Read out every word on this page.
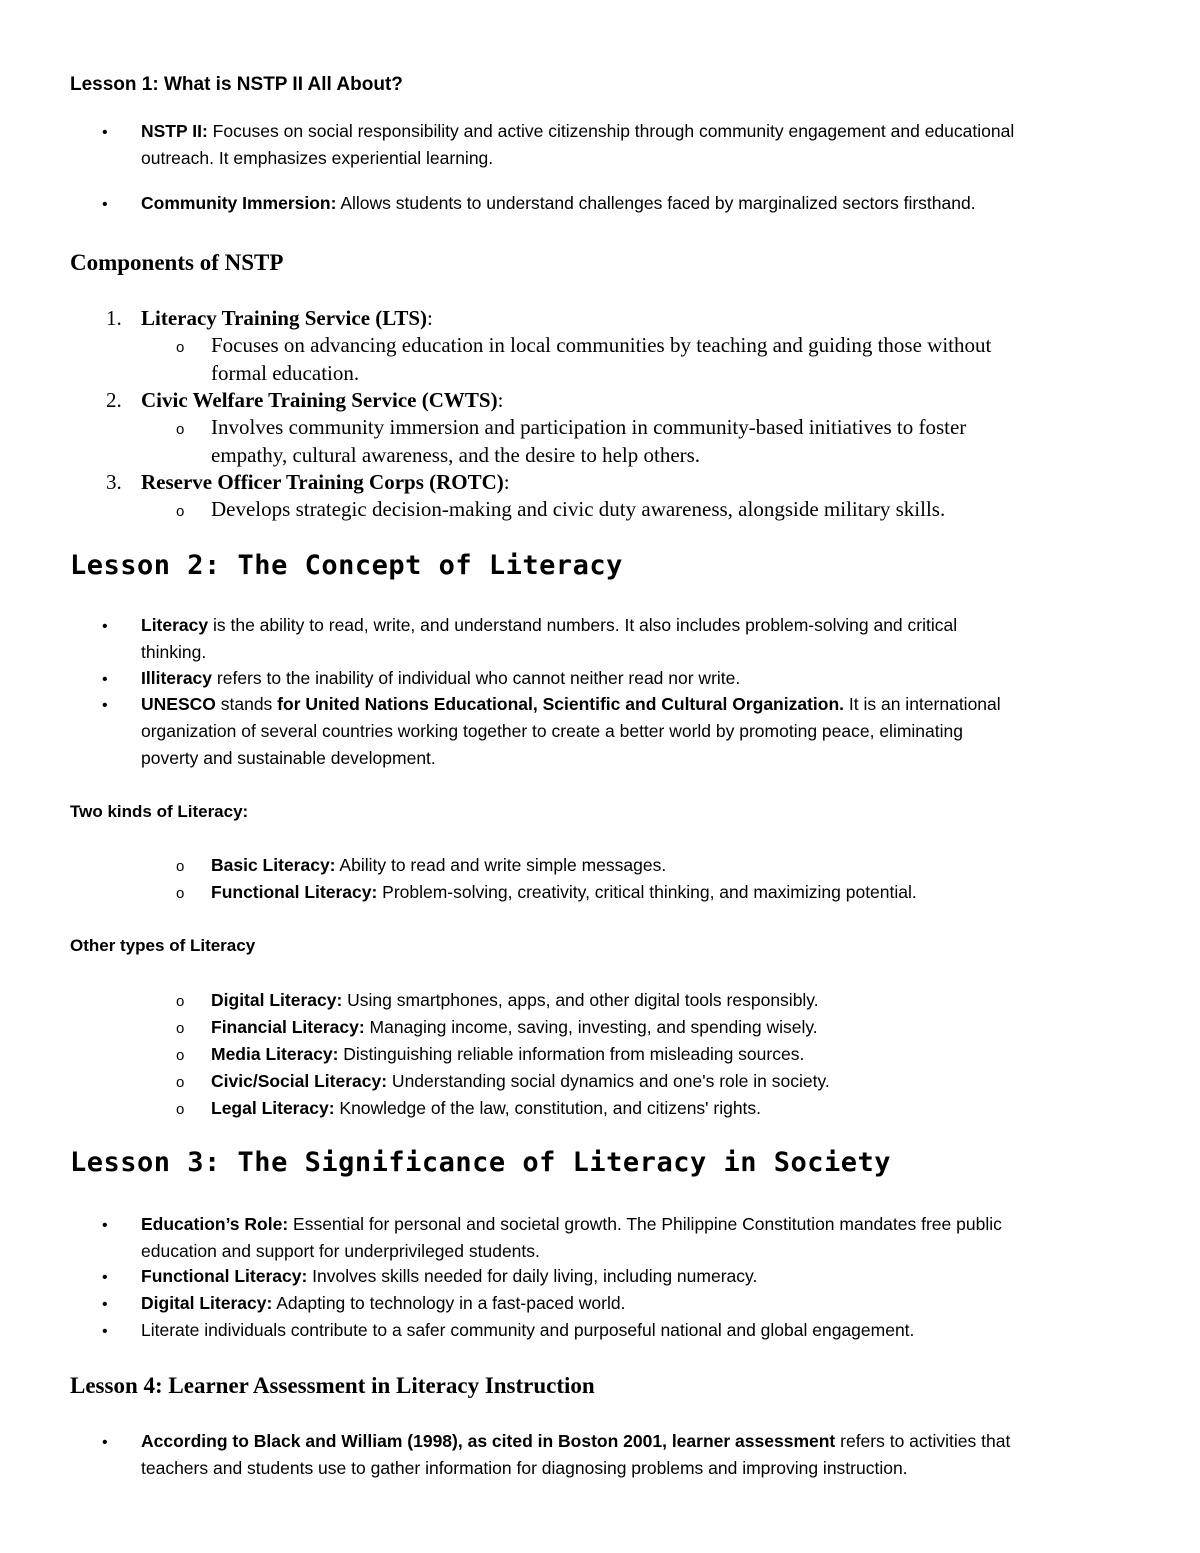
Lesson 1: What is NSTP II All About?
• NSTP II: Focuses on social responsibility and active citizenship through community engagement and educational
outreach. It emphasizes experiential learning.
• Community Immersion: Allows students to understand challenges faced by marginalized sectors firsthand.
Components of NSTP
1. Literacy Training Service (LTS):
o Focuses on advancing education in local communities by teaching and guiding those without
formal education.
2. Civic Welfare Training Service (CWTS):
o Involves community immersion and participation in community-based initiatives to foster
empathy, cultural awareness, and the desire to help others.
3. Reserve Officer Training Corps (ROTC):
o Develops strategic decision-making and civic duty awareness, alongside military skills.
Lesson 2: The Concept of Literacy
• Literacy is the ability to read, write, and understand numbers. It also includes problem-solving and critical
thinking.
• Illiteracy refers to the inability of individual who cannot neither read nor write.
• UNESCO stands for United Nations Educational, Scientific and Cultural Organization. It is an international
organization of several countries working together to create a better world by promoting peace, eliminating
poverty and sustainable development.
Two kinds of Literacy:
o Basic Literacy: Ability to read and write simple messages.
o Functional Literacy: Problem-solving, creativity, critical thinking, and maximizing potential.
Other types of Literacy
o Digital Literacy: Using smartphones, apps, and other digital tools responsibly.
o Financial Literacy: Managing income, saving, investing, and spending wisely.
o Media Literacy: Distinguishing reliable information from misleading sources.
o Civic/Social Literacy: Understanding social dynamics and one's role in society.
o Legal Literacy: Knowledge of the law, constitution, and citizens' rights.
Lesson 3: The Significance of Literacy in Society
• Education’s Role: Essential for personal and societal growth. The Philippine Constitution mandates free public
education and support for underprivileged students.
• Functional Literacy: Involves skills needed for daily living, including numeracy.
• Digital Literacy: Adapting to technology in a fast-paced world.
• Literate individuals contribute to a safer community and purposeful national and global engagement.
Lesson 4: Learner Assessment in Literacy Instruction
• According to Black and William (1998), as cited in Boston 2001, learner assessment refers to activities that
teachers and students use to gather information for diagnosing problems and improving instruction.
